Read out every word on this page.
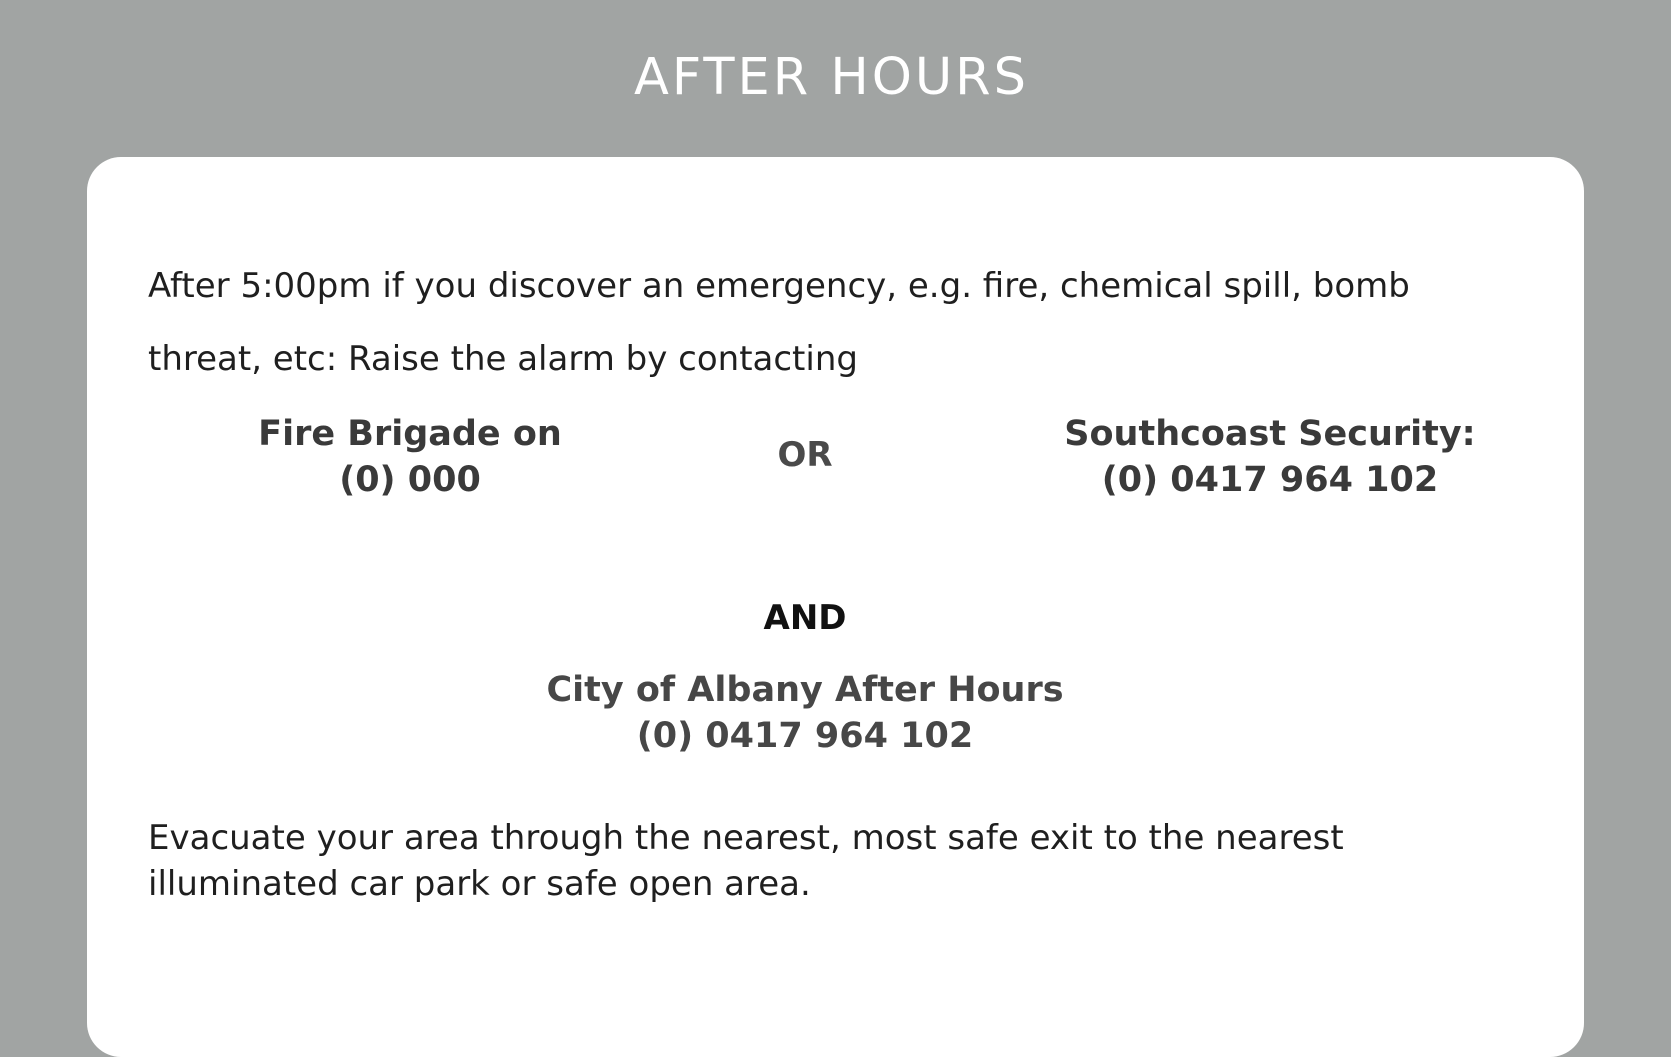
AFTER HOURS

After 5:00pm if you discover an emergency, e.g. fire, chemical spill, bomb threat, etc: Raise the alarm by contacting

Fire Brigade on
(0) 000
OR
Southcoast Security:
(0) 0417 964 102
AND
City of Albany After Hours
(0) 0417 964 102

Evacuate your area through the nearest, most safe exit to the nearest illuminated car park or safe open area.
